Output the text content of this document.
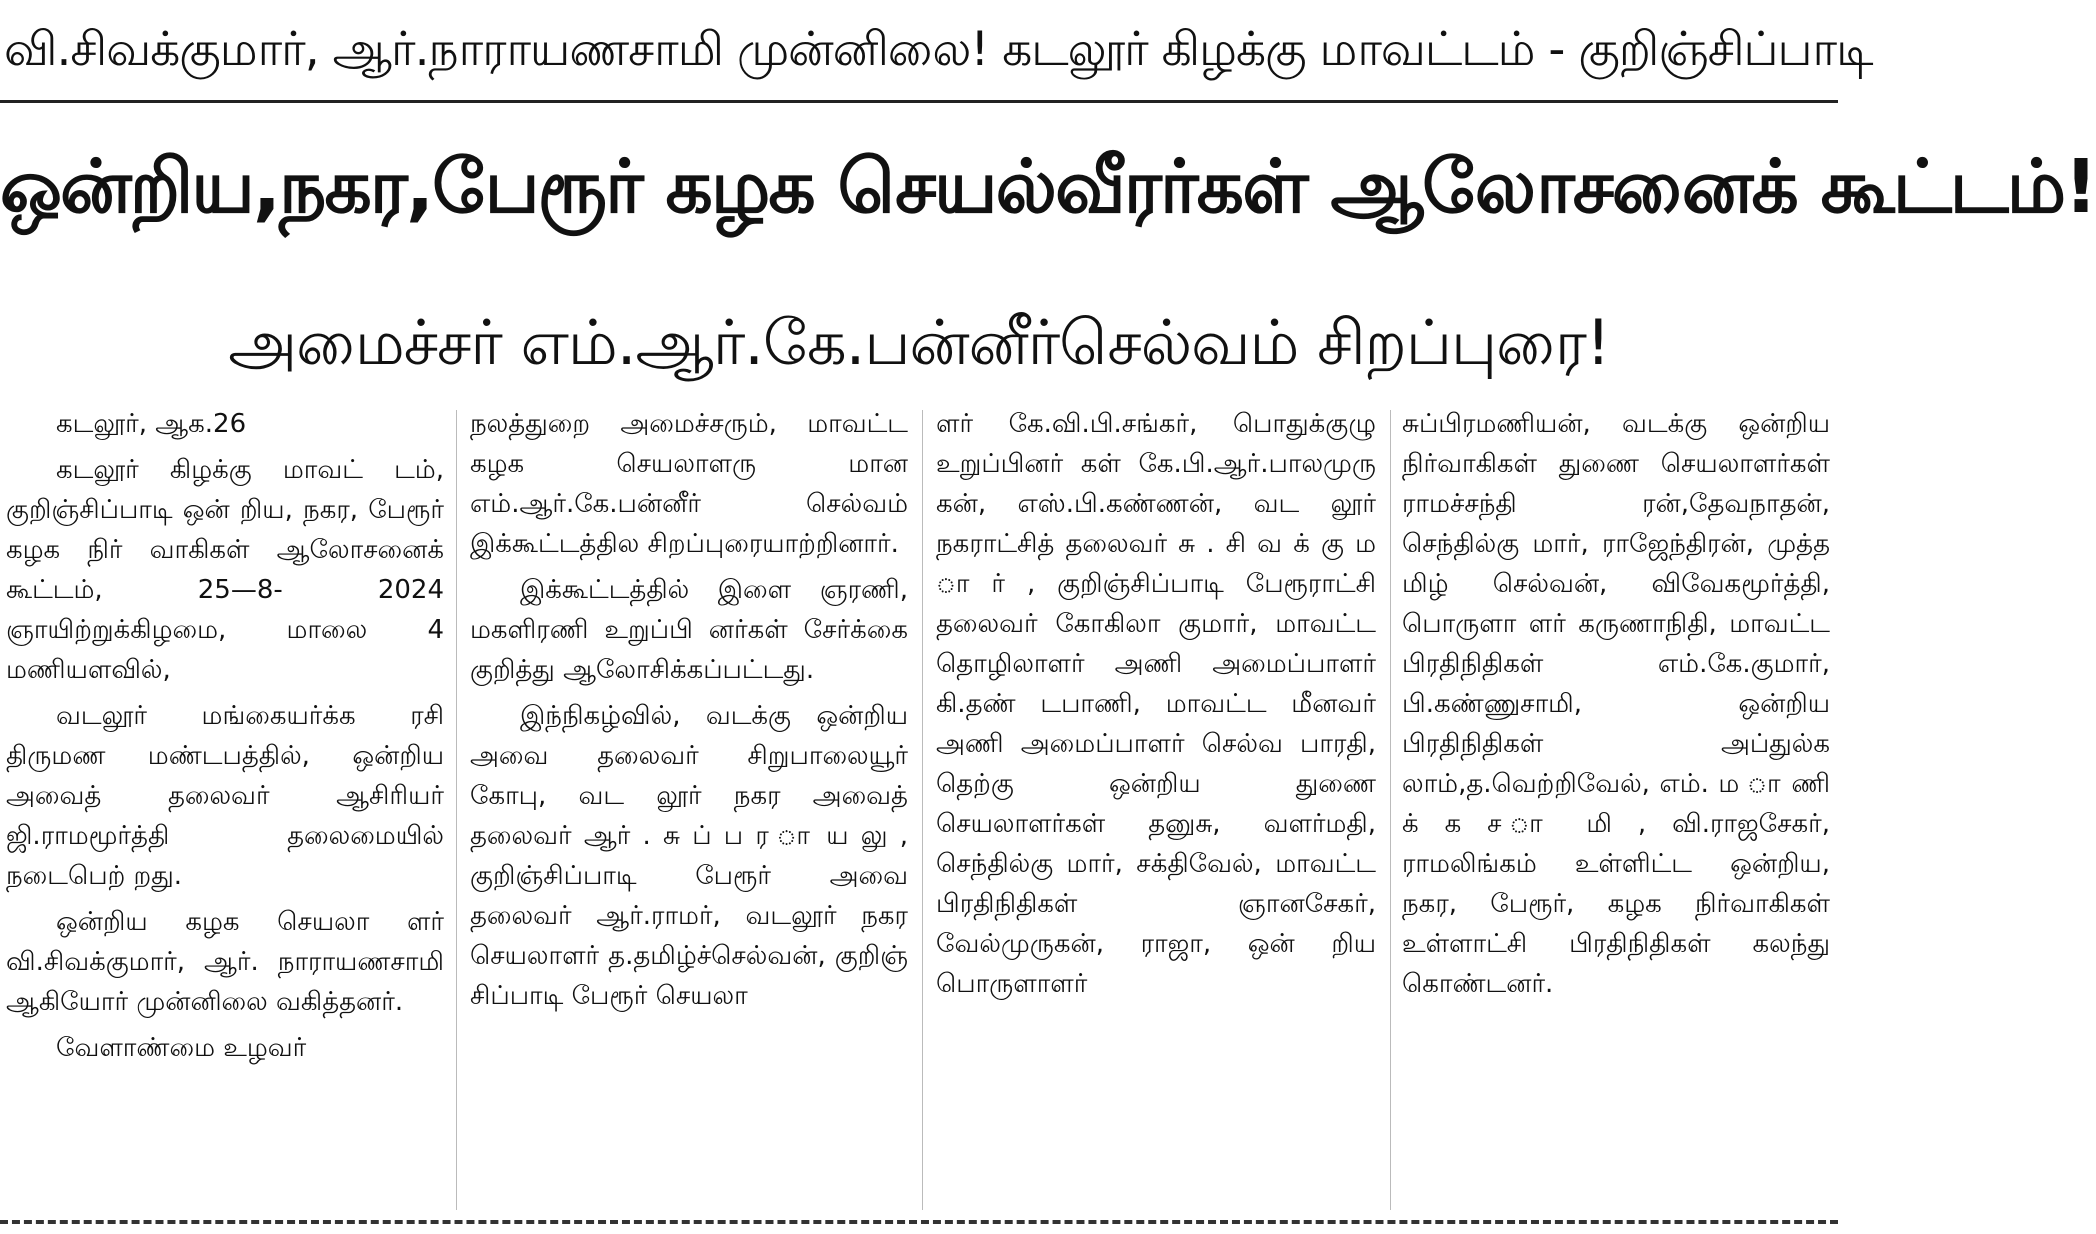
வி.சிவக்குமார், ஆர்.நாராயணசாமி முன்னிலை! கடலூர் கிழக்கு மாவட்டம் - குறிஞ்சிப்பாடி
ஒன்றிய,நகர,பேரூர் கழக செயல்வீரர்கள் ஆலோசனைக் கூட்டம்!
அமைச்சர் எம்.ஆர்.கே.பன்னீர்செல்வம் சிறப்புரை!

கடலூர், ஆக.26

கடலூர் கிழக்கு மாவட் டம், குறிஞ்சிப்பாடி ஒன் றிய, நகர, பேரூர் கழக நிர் வாகிகள் ஆலோசனைக் கூட்டம், 25—8- 2024 ஞாயிற்றுக்கிழமை, மாலை 4 மணியளவில்,

வடலூர் மங்கையர்க்க ரசி திருமண மண்டபத்தில், ஒன்றிய அவைத் தலைவர் ஆசிரியர் ஜி.ராமமூர்த்தி தலைமையில் நடைபெற் றது.

ஒன்றிய கழக செயலா ளர் வி.சிவக்குமார், ஆர். நாராயணசாமி ஆகியோர் முன்னிலை வகித்தனர்.

வேளாண்மை உழவர்

நலத்துறை அமைச்சரும், மாவட்ட கழக செயலாளரு மான எம்.ஆர்.கே.பன்னீர் செல்வம் இக்கூட்டத்தில சிறப்புரையாற்றினார்.

இக்கூட்டத்தில் இளை ஞரணி, மகளிரணி உறுப்பி னர்கள் சேர்க்கை குறித்து ஆலோசிக்கப்பட்டது.

இந்நிகழ்வில், வடக்கு ஒன்றிய அவை தலைவர் சிறுபாலையூர் கோபு, வட லூர் நகர அவைத் தலைவர் ஆர் . சு ப் ப ர ா ய லு , குறிஞ்சிப்பாடி பேரூர் அவை தலைவர் ஆர்.ராமர், வடலூர் நகர செயலாளர் த.தமிழ்ச்செல்வன், குறிஞ் சிப்பாடி பேரூர் செயலா

ளர் கே.வி.பி.சங்கர், பொதுக்குழு உறுப்பினர் கள் கே.பி.ஆர்.பாலமுரு கன், எஸ்.பி.கண்ணன், வட லூர் நகராட்சித் தலைவர் சு . சி வ க் கு ம ா ர் , குறிஞ்சிப்பாடி பேரூராட்சி தலைவர் கோகிலா குமார், மாவட்ட தொழிலாளர் அணி அமைப்பாளர் கி.தண் டபாணி, மாவட்ட மீனவர் அணி அமைப்பாளர் செல்வ பாரதி, தெற்கு ஒன்றிய துணை செயலாளர்கள் தனுசு, வளர்மதி, செந்தில்கு மார், சக்திவேல், மாவட்ட பிரதிநிதிகள் ஞானசேகர், வேல்முருகன், ராஜா, ஒன் றிய பொருளாளர்

சுப்பிரமணியன், வடக்கு ஒன்றிய நிர்வாகிகள் துணை செயலாளர்கள் ராமச்சந்தி ரன்,தேவநாதன், செந்தில்கு மார், ராஜேந்திரன், முத்த மிழ் செல்வன், விவேகமூர்த்தி, பொருளா ளர் கருணாநிதி, மாவட்ட பிரதிநிதிகள் எம்.கே.குமார், பி.கண்ணுசாமி, ஒன்றிய பிரதிநிதிகள் அப்துல்க லாம்,த.வெற்றிவேல், எம். ம ா ணி க் க ச ா மி , வி.ராஜசேகர், ராமலிங்கம் உள்ளிட்ட ஒன்றிய, நகர, பேரூர், கழக நிர்வாகிகள் உள்ளாட்சி பிரதிநிதிகள் கலந்து கொண்டனர்.
